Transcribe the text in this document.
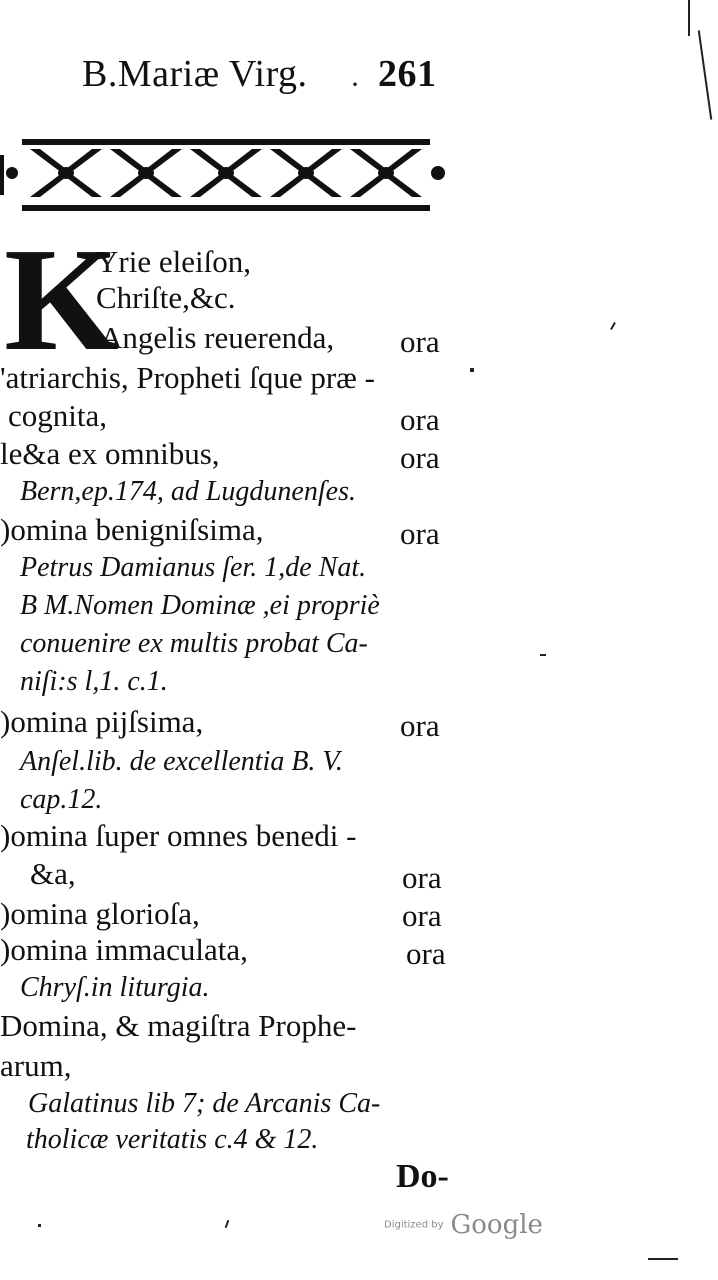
B.Mariæ Virg. · 261
K
Yrie eleiſon,
Chriſte,&c.
Angelis reuerenda, ora
'atriarchis, Propheti ſque præ -
cognita,	ora
le&a ex omnibus,	ora
Bern,ep.174, ad Lugdunenſes.
)omina benigniſsima,	ora
Petrus Damianus ſer. 1,de Nat.
B M.Nomen Dominæ ,ei propriè
conuenire ex multis probat Ca-
niſi:s l,1. c.1.
)omina pijſsima,	ora
Anſel.lib. de excellentia B. V.
cap.12.
)omina ſuper omnes benedi -
&a,	ora
)omina glorioſa,	ora
)omina immaculata,	ora
Chryſ.in liturgia.
Domina, & magiſtra Prophe-
arum,
Galatinus lib 7; de Arcanis Ca-
tholicæ veritatis c.4 & 12.
Do-
Digitized by Google
